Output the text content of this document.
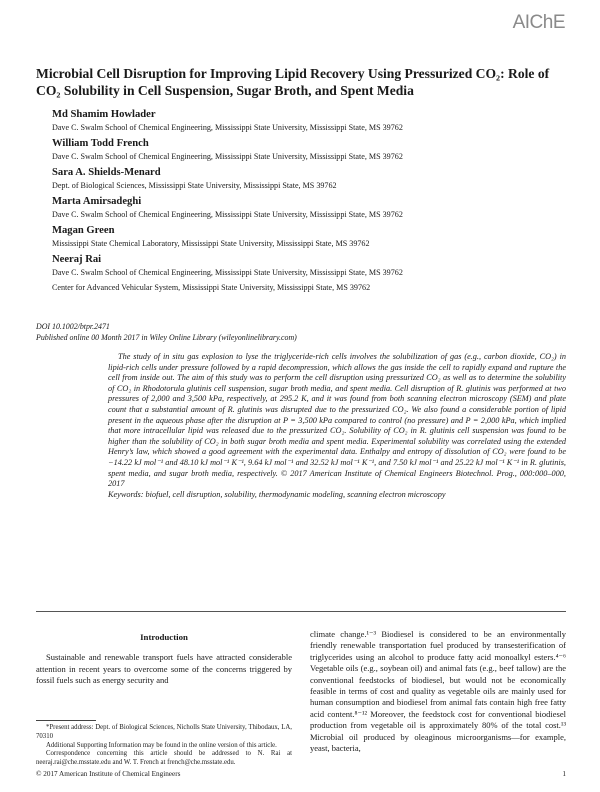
AIChE
Microbial Cell Disruption for Improving Lipid Recovery Using Pressurized CO₂: Role of CO₂ Solubility in Cell Suspension, Sugar Broth, and Spent Media
Md Shamim Howlader
Dave C. Swalm School of Chemical Engineering, Mississippi State University, Mississippi State, MS 39762
William Todd French
Dave C. Swalm School of Chemical Engineering, Mississippi State University, Mississippi State, MS 39762
Sara A. Shields-Menard
Dept. of Biological Sciences, Mississippi State University, Mississippi State, MS 39762
Marta Amirsadeghi
Dave C. Swalm School of Chemical Engineering, Mississippi State University, Mississippi State, MS 39762
Magan Green
Mississippi State Chemical Laboratory, Mississippi State University, Mississippi State, MS 39762
Neeraj Rai
Dave C. Swalm School of Chemical Engineering, Mississippi State University, Mississippi State, MS 39762
Center for Advanced Vehicular System, Mississippi State University, Mississippi State, MS 39762
DOI 10.1002/btpr.2471
Published online 00 Month 2017 in Wiley Online Library (wileyonlinelibrary.com)
The study of in situ gas explosion to lyse the triglyceride-rich cells involves the solubilization of gas (e.g., carbon dioxide, CO₂) in lipid-rich cells under pressure followed by a rapid decompression, which allows the gas inside the cell to rapidly expand and rupture the cell from inside out. The aim of this study was to perform the cell disruption using pressurized CO₂ as well as to determine the solubility of CO₂ in Rhodotorula glutinis cell suspension, sugar broth media, and spent media. Cell disruption of R. glutinis was performed at two pressures of 2,000 and 3,500 kPa, respectively, at 295.2 K, and it was found from both scanning electron microscopy (SEM) and plate count that a substantial amount of R. glutinis was disrupted due to the pressurized CO₂. We also found a considerable portion of lipid present in the aqueous phase after the disruption at P = 3,500 kPa compared to control (no pressure) and P = 2,000 kPa, which implied that more intracellular lipid was released due to the pressurized CO₂. Solubility of CO₂ in R. glutinis cell suspension was found to be higher than the solubility of CO₂ in both sugar broth media and spent media. Experimental solubility was correlated using the extended Henry’s law, which showed a good agreement with the experimental data. Enthalpy and entropy of dissolution of CO₂ were found to be −14.22 kJ mol⁻¹ and 48.10 kJ mol⁻¹ K⁻¹, 9.64 kJ mol⁻¹ and 32.52 kJ mol⁻¹ K⁻¹, and 7.50 kJ mol⁻¹ and 25.22 kJ mol⁻¹ K⁻¹ in R. glutinis, spent media, and sugar broth media, respectively. © 2017 American Institute of Chemical Engineers Biotechnol. Prog., 000:000–000, 2017
Keywords: biofuel, cell disruption, solubility, thermodynamic modeling, scanning electron microscopy
Introduction

Sustainable and renewable transport fuels have attracted considerable attention in recent years to overcome some of the concerns triggered by fossil fuels such as energy security and

climate change.¹⁻³ Biodiesel is considered to be an environmentally friendly renewable transportation fuel produced by transesterification of triglycerides using an alcohol to produce fatty acid monoalkyl esters.⁴⁻⁶ Vegetable oils (e.g., soybean oil) and animal fats (e.g., beef tallow) are the conventional feedstocks of biodiesel, but would not be economically feasible in terms of cost and quality as vegetable oils are mainly used for human consumption and biodiesel from animal fats contain high free fatty acid content.⁸⁻¹² Moreover, the feedstock cost for conventional biodiesel production from vegetable oil is approximately 80% of the total cost.¹³ Microbial oil produced by oleaginous microorganisms—for example, yeast, bacteria,

*Present address: Dept. of Biological Sciences, Nicholls State University, Thibodaux, LA, 70310

Additional Supporting Information may be found in the online version of this article.

Correspondence concerning this article should be addressed to N. Rai at neeraj.rai@che.msstate.edu and W. T. French at french@che.msstate.edu.

© 2017 American Institute of Chemical Engineers	1
